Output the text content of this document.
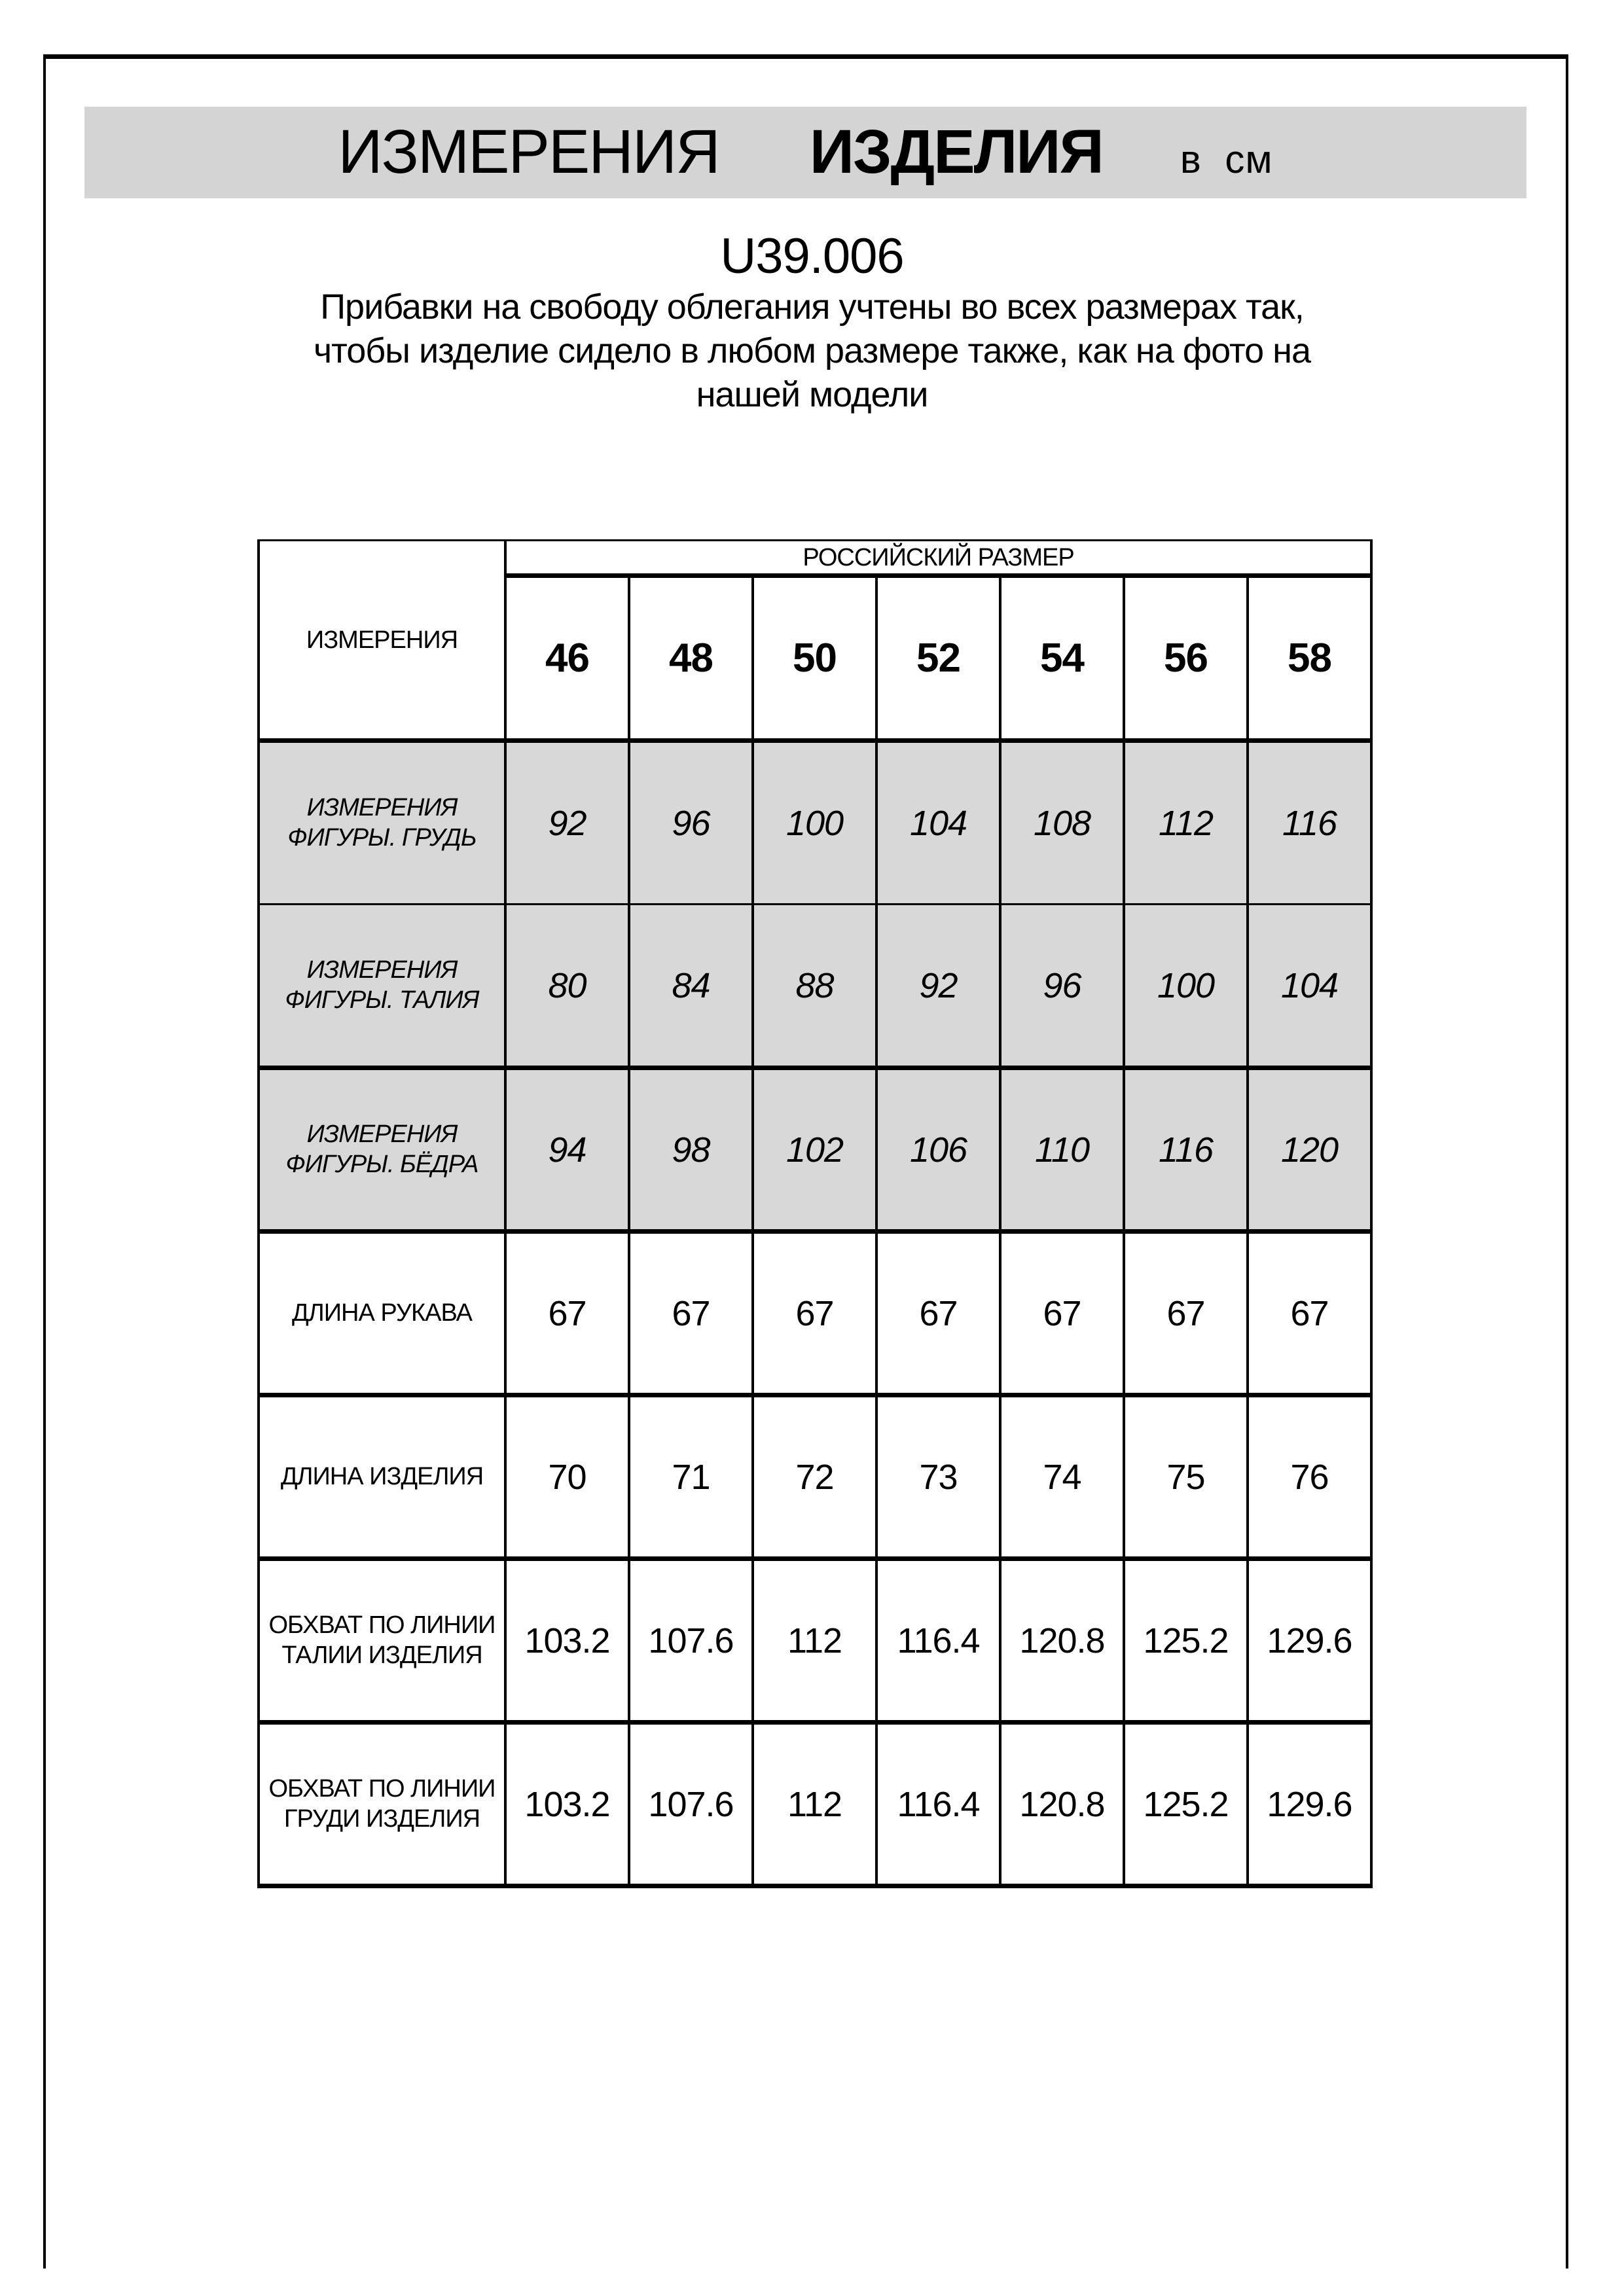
ИЗМЕРЕНИЯ ИЗДЕЛИЯ в см
U39.006
Прибавки на свободу облегания учтены во всех размерах так,
чтобы изделие сидело в любом размере также, как на фото на
нашей модели
ИЗМЕРЕНИЯ	РОССИЙСКИЙ РАЗМЕР						
	46	48	50	52	54	56	58
ИЗМЕРЕНИЯ ФИГУРЫ. ГРУДЬ	92	96	100	104	108	112	116
ИЗМЕРЕНИЯ ФИГУРЫ. ТАЛИЯ	80	84	88	92	96	100	104
ИЗМЕРЕНИЯ ФИГУРЫ. БЁДРА	94	98	102	106	110	116	120
ДЛИНА РУКАВА	67	67	67	67	67	67	67
ДЛИНА ИЗДЕЛИЯ	70	71	72	73	74	75	76
ОБХВАТ ПО ЛИНИИ ТАЛИИ ИЗДЕЛИЯ	103.2	107.6	112	116.4	120.8	125.2	129.6
ОБХВАТ ПО ЛИНИИ ГРУДИ ИЗДЕЛИЯ	103.2	107.6	112	116.4	120.8	125.2	129.6
